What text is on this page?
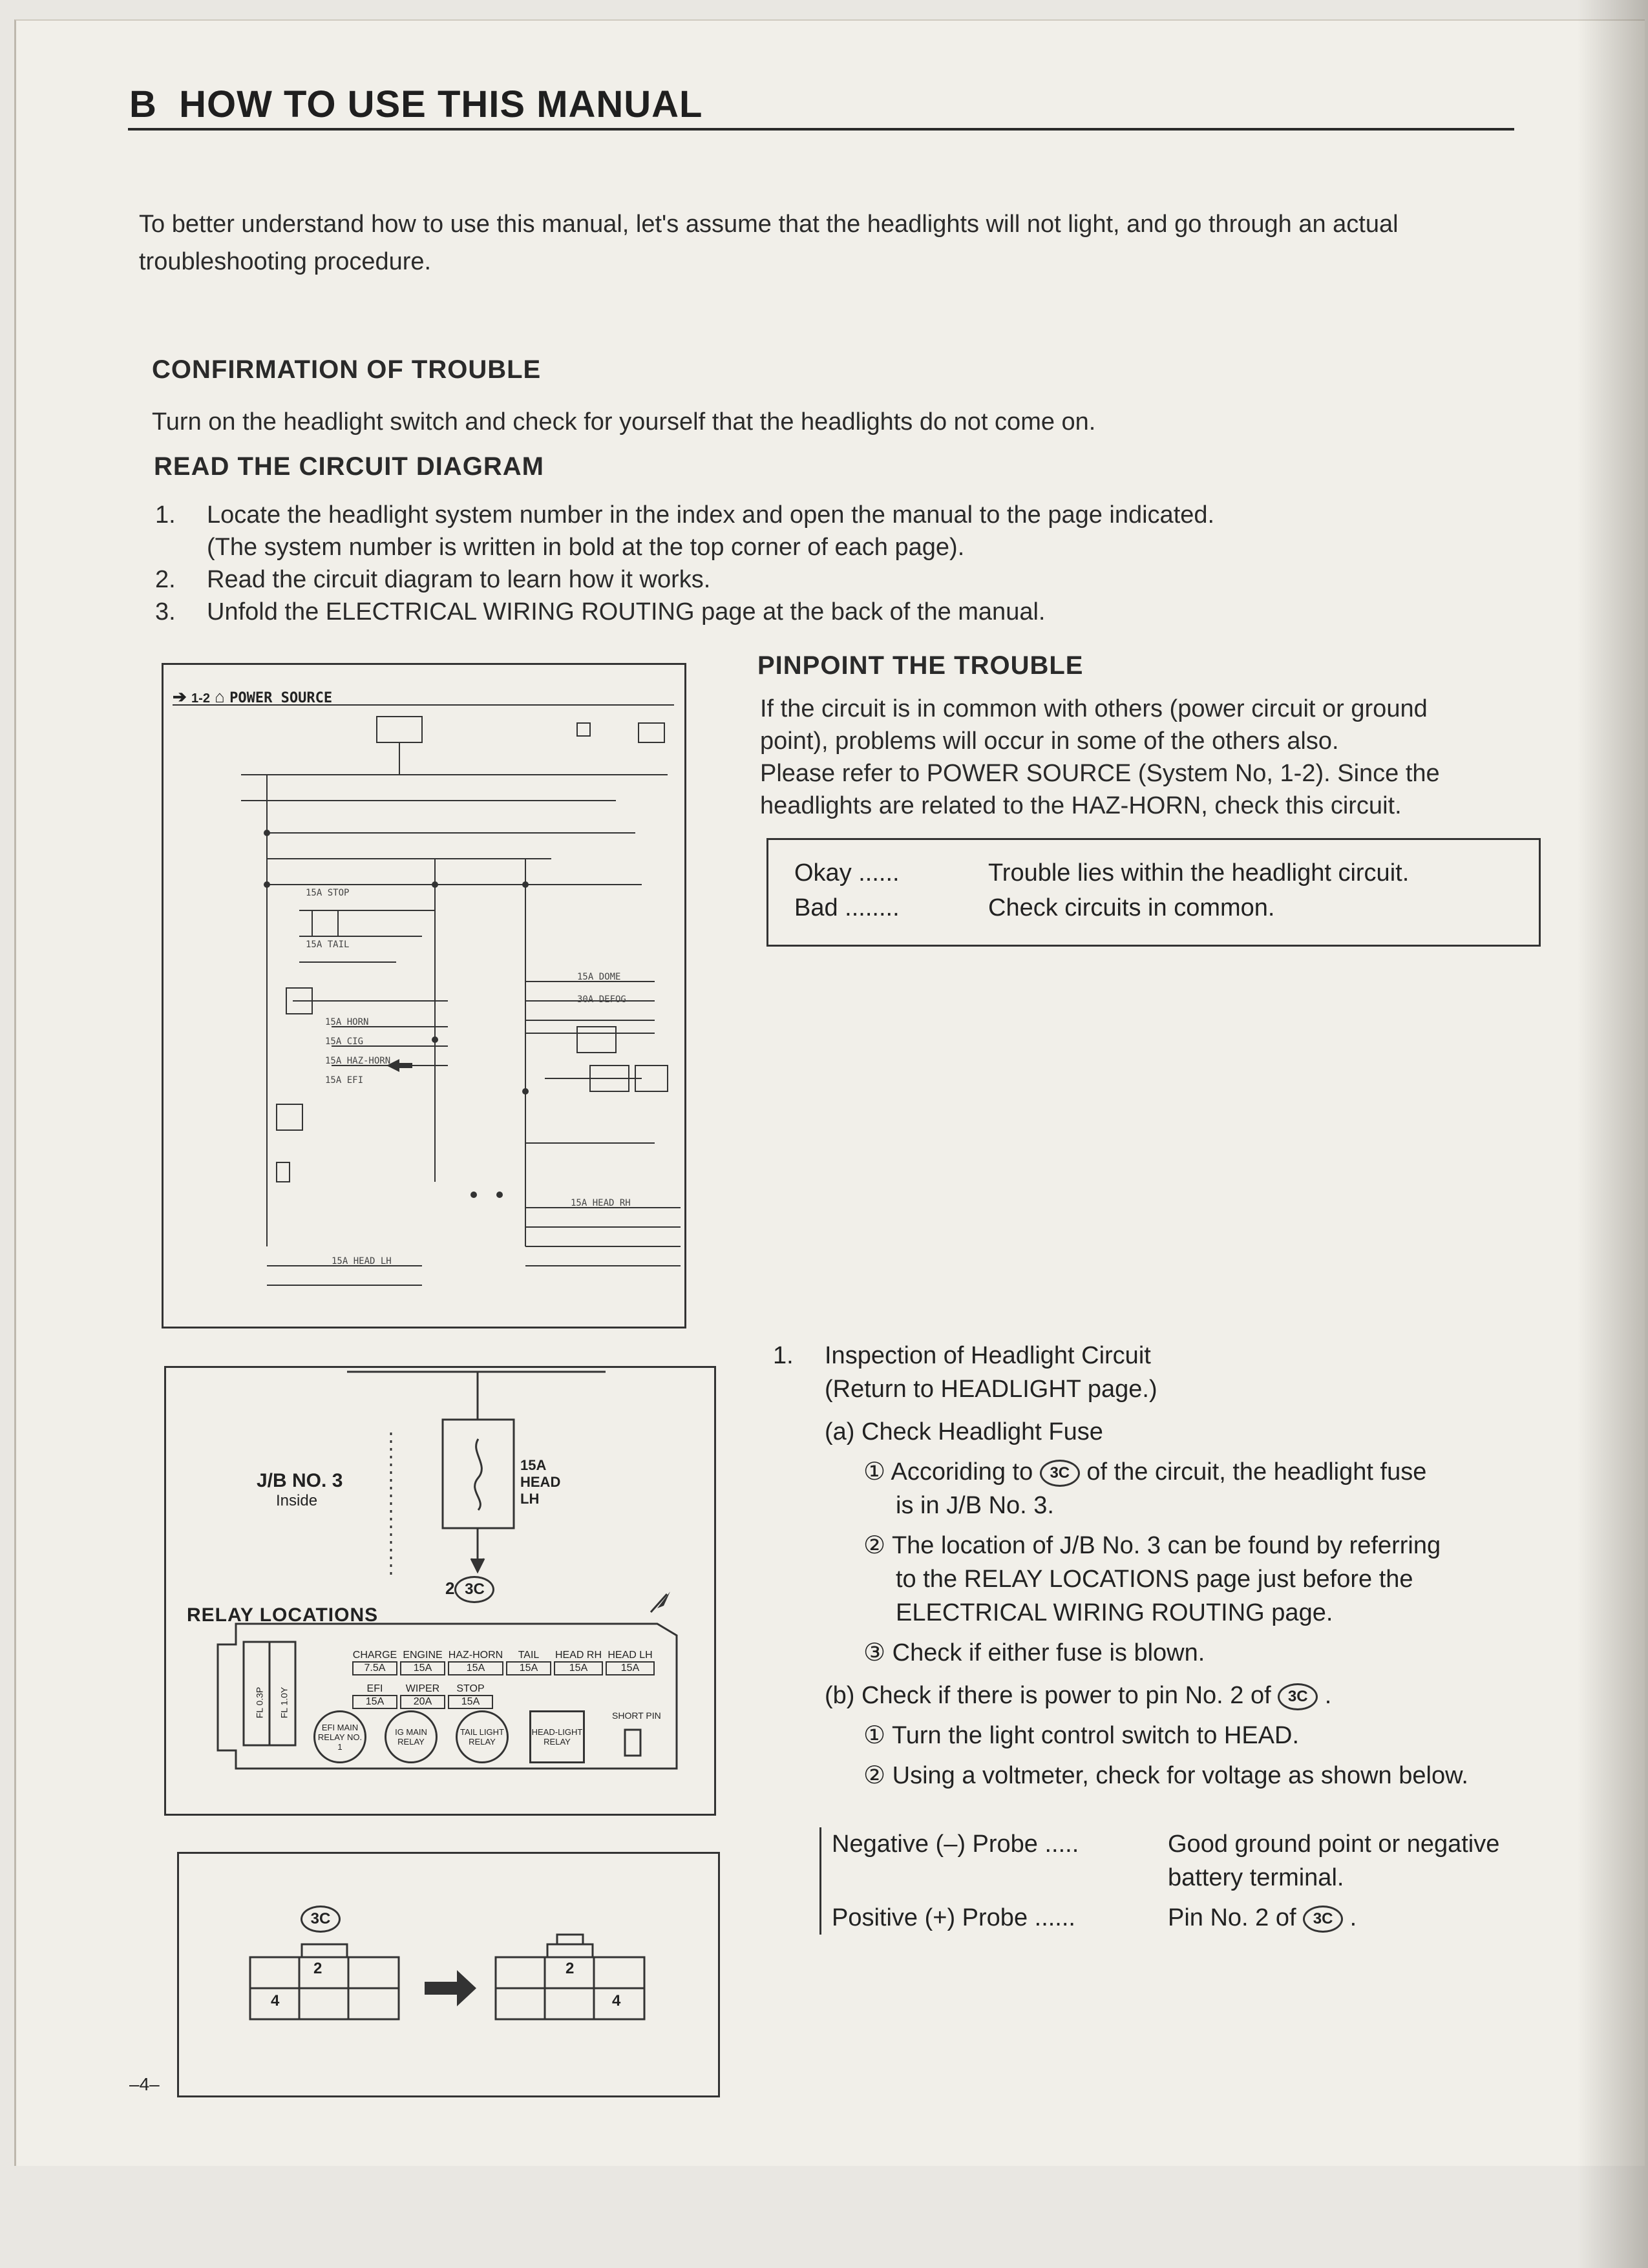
B HOW TO USE THIS MANUAL
To better understand how to use this manual, let's assume that the headlights will not light, and go through an actual troubleshooting procedure.
CONFIRMATION OF TROUBLE
Turn on the headlight switch and check for yourself that the headlights do not come on.
READ THE CIRCUIT DIAGRAM
1. Locate the headlight system number in the index and open the manual to the page indicated.
(The system number is written in bold at the top corner of each page).
2. Read the circuit diagram to learn how it works.
3. Unfold the ELECTRICAL WIRING ROUTING page at the back of the manual.
➔ 1-2 ⌂ POWER SOURCE
15A STOP
15A TAIL
15A HORN
15A CIG
15A HAZ-HORN
15A EFI
15A DOME
30A DEFOG
15A HEAD RH
15A HEAD LH
PINPOINT THE TROUBLE
If the circuit is in common with others (power circuit or ground
point), problems will occur in some of the others also.
Please refer to POWER SOURCE (System No, 1-2). Since the
headlights are related to the HAZ-HORN, check this circuit.
Okay ......	Trouble lies within the headlight circuit.
Bad ........	Check circuits in common.
J/B NO. 3
Inside
15A HEAD LH
2 3C
RELAY LOCATIONS
CHARGE
7.5A
ENGINE
15A
HAZ-HORN
15A
TAIL
15A
HEAD RH
15A
HEAD LH
15A
EFI
15A
WIPER
20A
STOP
15A
EFI MAIN RELAY NO. 1
IG MAIN RELAY
TAIL LIGHT RELAY
HEAD-LIGHT RELAY
SHORT PIN
FL 0.3P FL 1.0Y
3C
2
4
2
4
1. Inspection of Headlight Circuit
(Return to HEADLIGHT page.)
(a) Check Headlight Fuse
① Accoriding to 3C of the circuit, the headlight fuse
is in J/B No. 3.
② The location of J/B No. 3 can be found by referring
to the RELAY LOCATIONS page just before the
ELECTRICAL WIRING ROUTING page.
③ Check if either fuse is blown.
(b) Check if there is power to pin No. 2 of 3C .
① Turn the light control switch to HEAD.
② Using a voltmeter, check for voltage as shown below.
Negative (–) Probe .....	Good ground point or negative
battery terminal.
Positive (+) Probe ......	Pin No. 2 of 3C .
–4–
